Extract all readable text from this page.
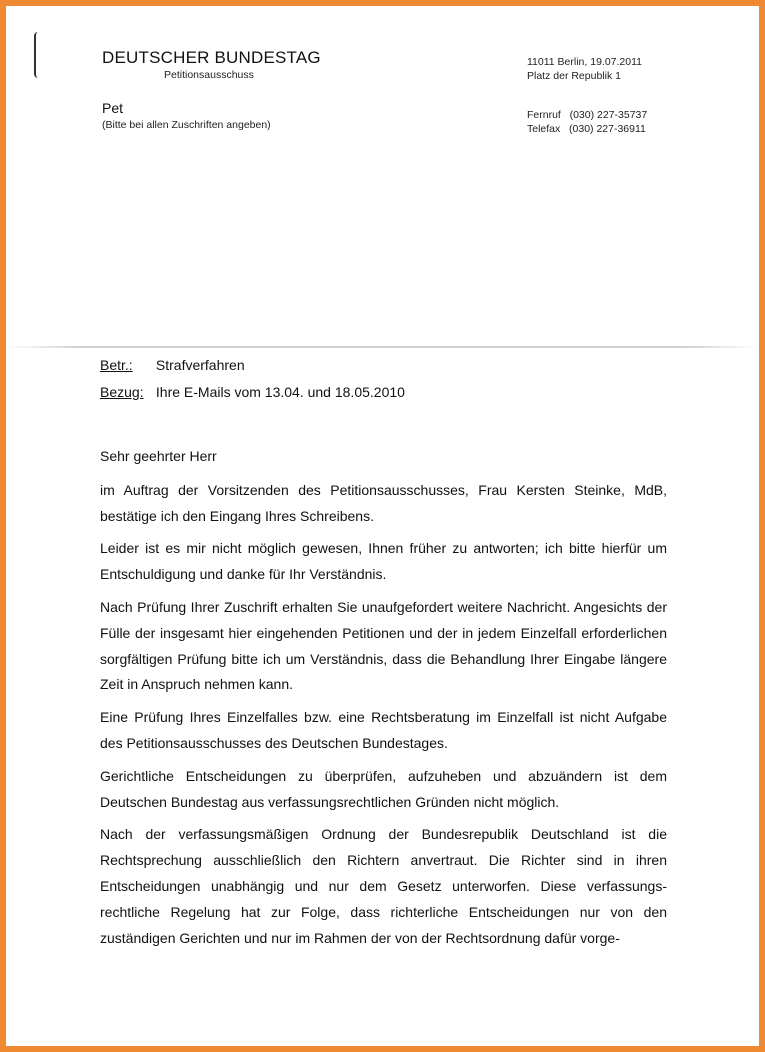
DEUTSCHER BUNDESTAG
Petitionsausschuss
Pet
(Bitte bei allen Zuschriften angeben)
11011 Berlin, 19.07.2011
Platz der Republik 1
Fernruf   (030) 227-35737
Telefax   (030) 227-36911
Betr.: Strafverfahren
Bezug: Ihre E-Mails vom 13.04. und 18.05.2010

Sehr geehrter Herr

im Auftrag der Vorsitzenden des Petitionsausschusses, Frau Kersten Steinke, MdB, bestätige ich den Eingang Ihres Schreibens.

Leider ist es mir nicht möglich gewesen, Ihnen früher zu antworten; ich bitte hierfür um Entschuldigung und danke für Ihr Verständnis.

Nach Prüfung Ihrer Zuschrift erhalten Sie unaufgefordert weitere Nachricht. Angesichts der Fülle der insgesamt hier eingehenden Petitionen und der in jedem Einzelfall erforderlichen sorgfältigen Prüfung bitte ich um Verständnis, dass die Behandlung Ihrer Eingabe längere Zeit in Anspruch nehmen kann.

Eine Prüfung Ihres Einzelfalles bzw. eine Rechtsberatung im Einzelfall ist nicht Aufgabe des Petitionsausschusses des Deutschen Bundestages.

Gerichtliche Entscheidungen zu überprüfen, aufzuheben und abzuändern ist dem Deutschen Bundestag aus verfassungsrechtlichen Gründen nicht möglich.

Nach der verfassungsmäßigen Ordnung der Bundesrepublik Deutschland ist die Rechtsprechung ausschließlich den Richtern anvertraut. Die Richter sind in ihren Entscheidungen unabhängig und nur dem Gesetz unterworfen. Diese verfassungs-rechtliche Regelung hat zur Folge, dass richterliche Entscheidungen nur von den zuständigen Gerichten und nur im Rahmen der von der Rechtsordnung dafür vorge-
